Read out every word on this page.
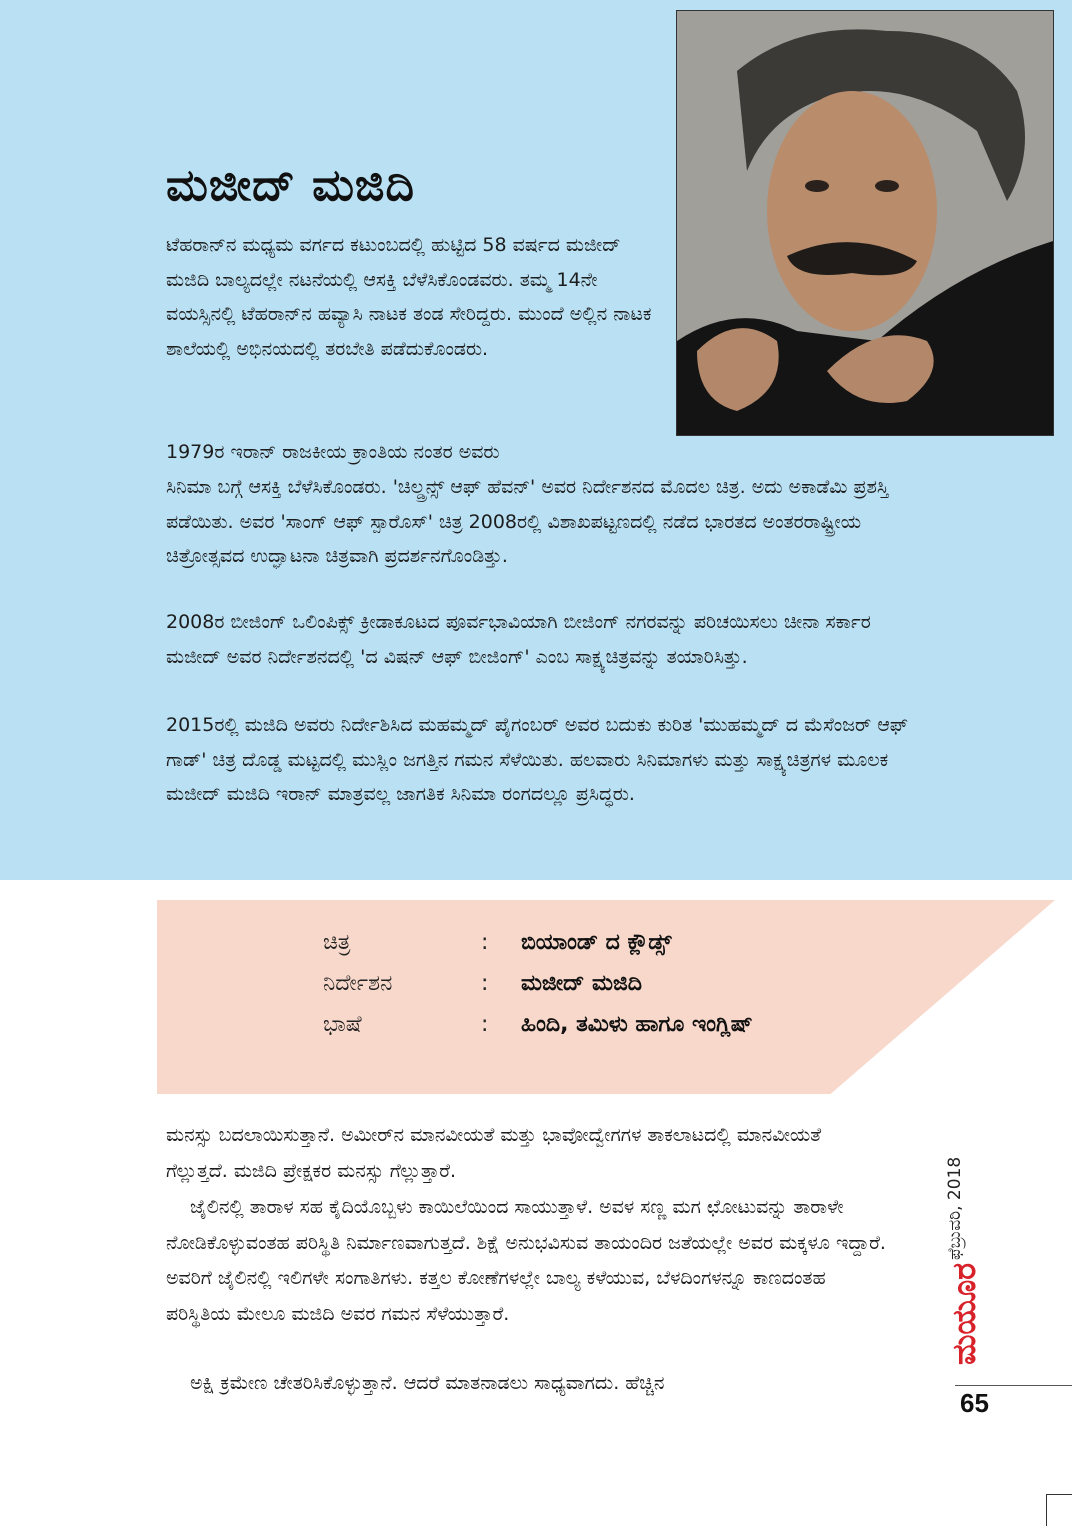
ಮಜೀದ್ ಮಜಿದಿ

ಟೆಹರಾನ್‌ನ ಮಧ್ಯಮ ವರ್ಗದ ಕಟುಂಬದಲ್ಲಿ ಹುಟ್ಟಿದ 58 ವರ್ಷದ ಮಜೀದ್ ಮಜಿದಿ ಬಾಲ್ಯದಲ್ಲೇ ನಟನೆಯಲ್ಲಿ ಆಸಕ್ತಿ ಬೆಳೆಸಿಕೊಂಡವರು. ತಮ್ಮ 14ನೇ ವಯಸ್ಸಿನಲ್ಲಿ ಟೆಹರಾನ್‌ನ ಹವ್ಯಾಸಿ ನಾಟಕ ತಂಡ ಸೇರಿದ್ದರು. ಮುಂದೆ ಅಲ್ಲಿನ ನಾಟಕ ಶಾಲೆಯಲ್ಲಿ ಅಭಿನಯದಲ್ಲಿ ತರಬೇತಿ ಪಡೆದುಕೊಂಡರು.

1979ರ ಇರಾನ್ ರಾಜಕೀಯ ಕ್ರಾಂತಿಯ ನಂತರ ಅವರು

ಸಿನಿಮಾ ಬಗ್ಗೆ ಆಸಕ್ತಿ ಬೆಳೆಸಿಕೊಂಡರು. 'ಚಿಲ್ಡ್ರನ್ಸ್ ಆಫ್ ಹೆವನ್' ಅವರ ನಿರ್ದೇಶನದ ಮೊದಲ ಚಿತ್ರ. ಅದು ಅಕಾಡೆಮಿ ಪ್ರಶಸ್ತಿ ಪಡೆಯಿತು. ಅವರ 'ಸಾಂಗ್ ಆಫ್ ಸ್ಪಾರೊಸ್' ಚಿತ್ರ 2008ರಲ್ಲಿ ವಿಶಾಖಪಟ್ಟಣದಲ್ಲಿ ನಡೆದ ಭಾರತದ ಅಂತರರಾಷ್ಟ್ರೀಯ ಚಿತ್ರೋತ್ಸವದ ಉದ್ಘಾಟನಾ ಚಿತ್ರವಾಗಿ ಪ್ರದರ್ಶನಗೊಂಡಿತ್ತು.

2008ರ ಬೀಜಿಂಗ್ ಒಲಿಂಪಿಕ್ಸ್ ಕ್ರೀಡಾಕೂಟದ ಪೂರ್ವಭಾವಿಯಾಗಿ ಬೀಜಿಂಗ್ ನಗರವನ್ನು ಪರಿಚಯಿಸಲು ಚೀನಾ ಸರ್ಕಾರ ಮಜೀದ್ ಅವರ ನಿರ್ದೇಶನದಲ್ಲಿ 'ದ ವಿಷನ್ ಆಫ್ ಬೀಜಿಂಗ್' ಎಂಬ ಸಾಕ್ಷ್ಯಚಿತ್ರವನ್ನು ತಯಾರಿಸಿತ್ತು.

2015ರಲ್ಲಿ ಮಜಿದಿ ಅವರು ನಿರ್ದೇಶಿಸಿದ ಮಹಮ್ಮದ್ ಪೈಗಂಬರ್ ಅವರ ಬದುಕು ಕುರಿತ 'ಮುಹಮ್ಮದ್ ದ ಮೆಸೆಂಜರ್ ಆಫ್ ಗಾಡ್' ಚಿತ್ರ ದೊಡ್ಡ ಮಟ್ಟದಲ್ಲಿ ಮುಸ್ಲಿಂ ಜಗತ್ತಿನ ಗಮನ ಸೆಳೆಯಿತು. ಹಲವಾರು ಸಿನಿಮಾಗಳು ಮತ್ತು ಸಾಕ್ಷ್ಯಚಿತ್ರಗಳ ಮೂಲಕ ಮಜೀದ್ ಮಜಿದಿ ಇರಾನ್ ಮಾತ್ರವಲ್ಲ ಜಾಗತಿಕ ಸಿನಿಮಾ ರಂಗದಲ್ಲೂ ಪ್ರಸಿದ್ಧರು.

ಚಿತ್ರ	: ಬಿಯಾಂಡ್ ದ ಕ್ಲೌಡ್ಸ್
ನಿರ್ದೇಶನ	: ಮಜೀದ್ ಮಜಿದಿ
ಭಾಷೆ	: ಹಿಂದಿ, ತಮಿಳು ಹಾಗೂ ಇಂಗ್ಲಿಷ್

ಮನಸ್ಸು ಬದಲಾಯಿಸುತ್ತಾನೆ. ಅಮೀರ್‌ನ ಮಾನವೀಯತೆ ಮತ್ತು ಭಾವೋದ್ವೇಗಗಳ ತಾಕಲಾಟದಲ್ಲಿ ಮಾನವೀಯತೆ ಗೆಲ್ಲುತ್ತದೆ. ಮಜಿದಿ ಪ್ರೇಕ್ಷಕರ ಮನಸ್ಸು ಗೆಲ್ಲುತ್ತಾರೆ.

ಜೈಲಿನಲ್ಲಿ ತಾರಾಳ ಸಹ ಕೈದಿಯೊಬ್ಬಳು ಕಾಯಿಲೆಯಿಂದ ಸಾಯುತ್ತಾಳೆ. ಅವಳ ಸಣ್ಣ ಮಗ ಛೋಟುವನ್ನು ತಾರಾಳೇ ನೋಡಿಕೊಳ್ಳುವಂತಹ ಪರಿಸ್ಥಿತಿ ನಿರ್ಮಾಣವಾಗುತ್ತದೆ. ಶಿಕ್ಷೆ ಅನುಭವಿಸುವ ತಾಯಂದಿರ ಜತೆಯಲ್ಲೇ ಅವರ ಮಕ್ಕಳೂ ಇದ್ದಾರೆ. ಅವರಿಗೆ ಜೈಲಿನಲ್ಲಿ ಇಲಿಗಳೇ ಸಂಗಾತಿಗಳು. ಕತ್ತಲ ಕೋಣೆಗಳಲ್ಲೇ ಬಾಲ್ಯ ಕಳೆಯುವ, ಬೆಳದಿಂಗಳನ್ನೂ ಕಾಣದಂತಹ ಪರಿಸ್ಥಿತಿಯ ಮೇಲೂ ಮಜಿದಿ ಅವರ ಗಮನ ಸೆಳೆಯುತ್ತಾರೆ.

ಅಕ್ಷಿ ಕ್ರಮೇಣ ಚೇತರಿಸಿಕೊಳ್ಳುತ್ತಾನೆ. ಆದರೆ ಮಾತನಾಡಲು ಸಾಧ್ಯವಾಗದು. ಹೆಚ್ಚಿನ

ಫೆಬ್ರುವರಿ, 2018
ಮಯೂರ
65
